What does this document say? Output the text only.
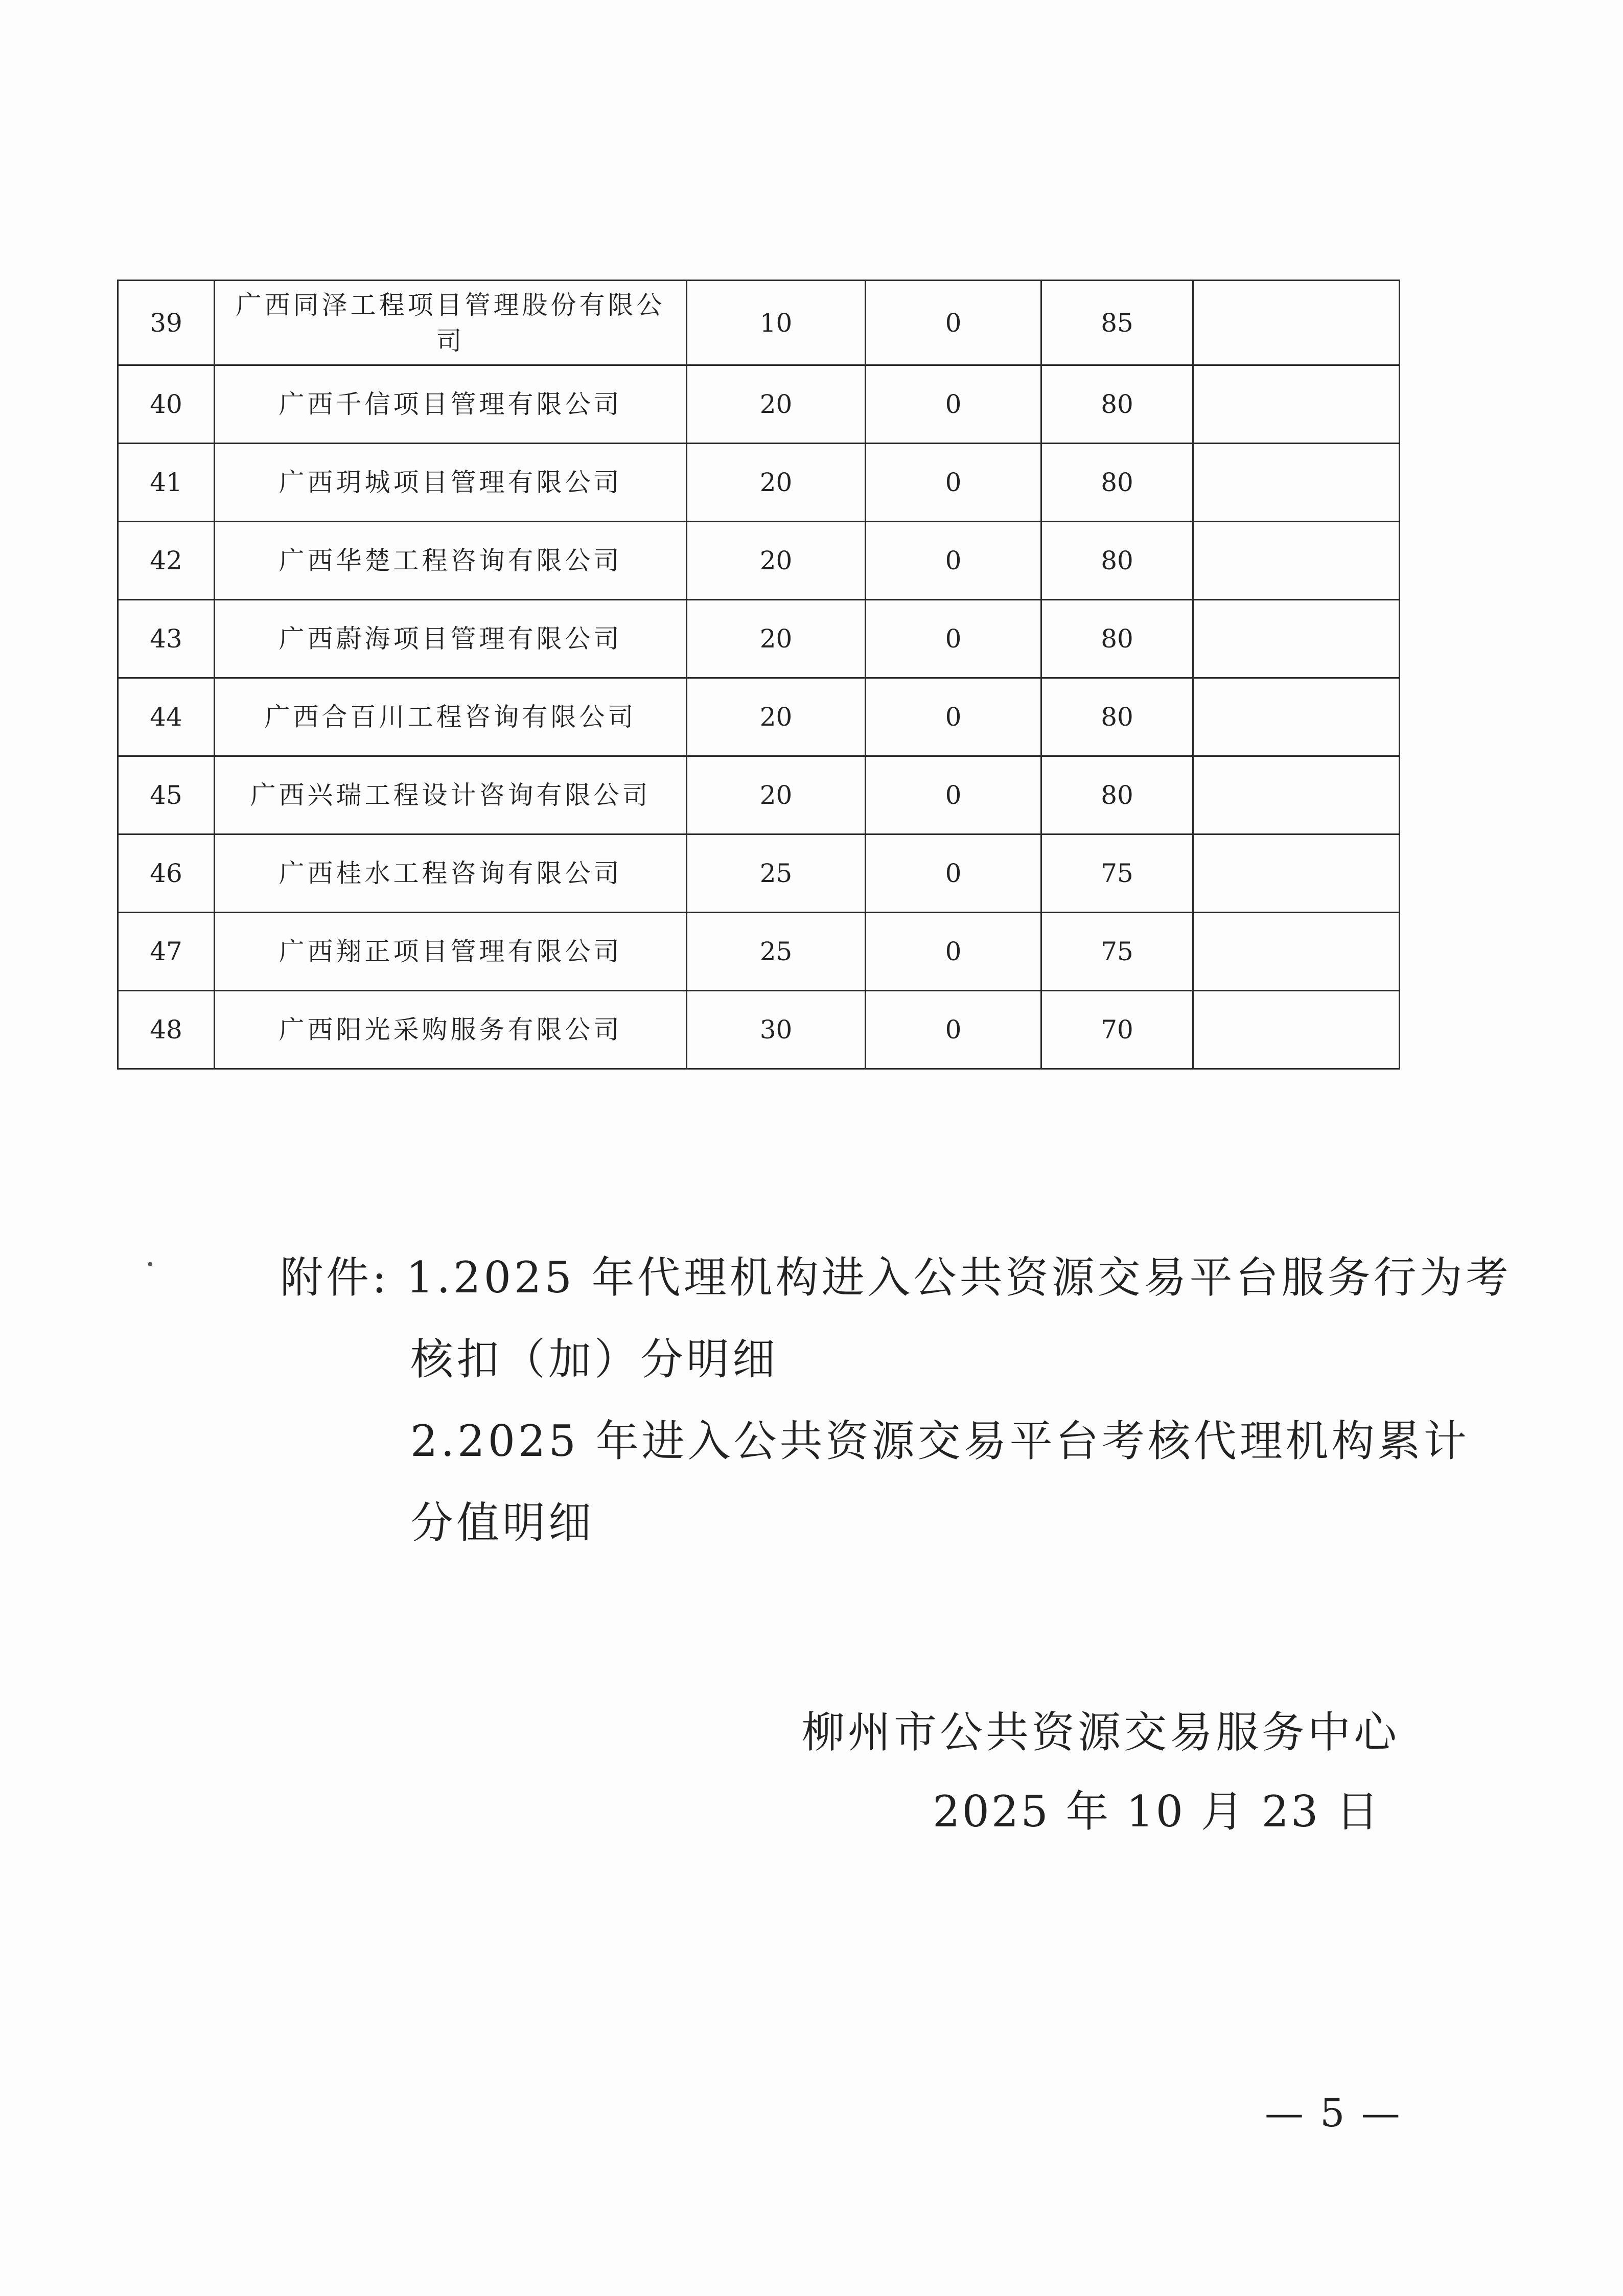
39	广西同泽工程项目管理股份有限公司	10	0	85	
40	广西千信项目管理有限公司	20	0	80	
41	广西玥城项目管理有限公司	20	0	80	
42	广西华楚工程咨询有限公司	20	0	80	
43	广西蔚海项目管理有限公司	20	0	80	
44	广西合百川工程咨询有限公司	20	0	80	
45	广西兴瑞工程设计咨询有限公司	20	0	80	
46	广西桂水工程咨询有限公司	25	0	75	
47	广西翔正项目管理有限公司	25	0	75	
48	广西阳光采购服务有限公司	30	0	70	
•	附件: 1.2025 年代理机构进入公共资源交易平台服务行为考
核扣（加）分明细
2.2025 年进入公共资源交易平台考核代理机构累计
分值明细
柳州市公共资源交易服务中心
2025 年 10 月 23 日
— 5 —
